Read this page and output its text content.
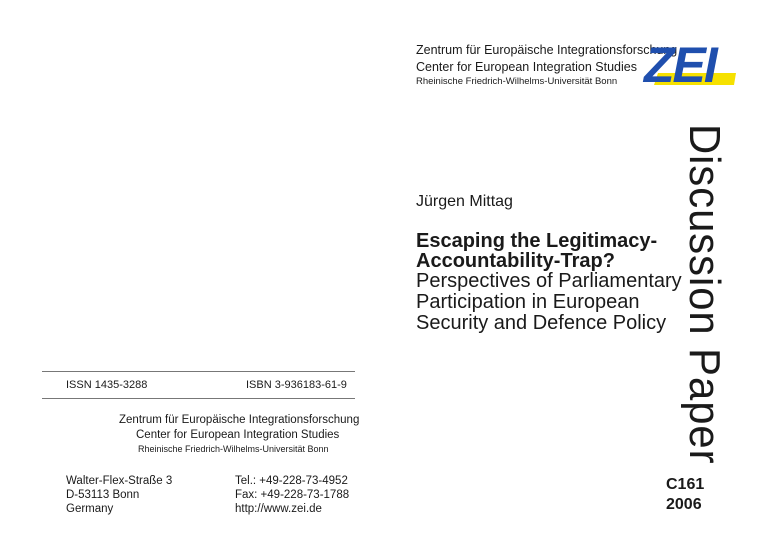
Zentrum für Europäische Integrationsforschung
Center for European Integration Studies
Rheinische Friedrich-Wilhelms-Universität Bonn ZEI
Jürgen Mittag
Escaping the Legitimacy-
Accountability-Trap?
Perspectives of Parliamentary
Participation in European
Security and Defence Policy Discussion Paper
C161
2006
ISSN 1435-3288	ISBN 3-936183-61-9
Zentrum für Europäische Integrationsforschung
Center for European Integration Studies
Rheinische Friedrich-Wilhelms-Universität Bonn
Walter-Flex-Straße 3
D-53113 Bonn
Germany
Tel.: +49-228-73-4952
Fax: +49-228-73-1788
http://www.zei.de
